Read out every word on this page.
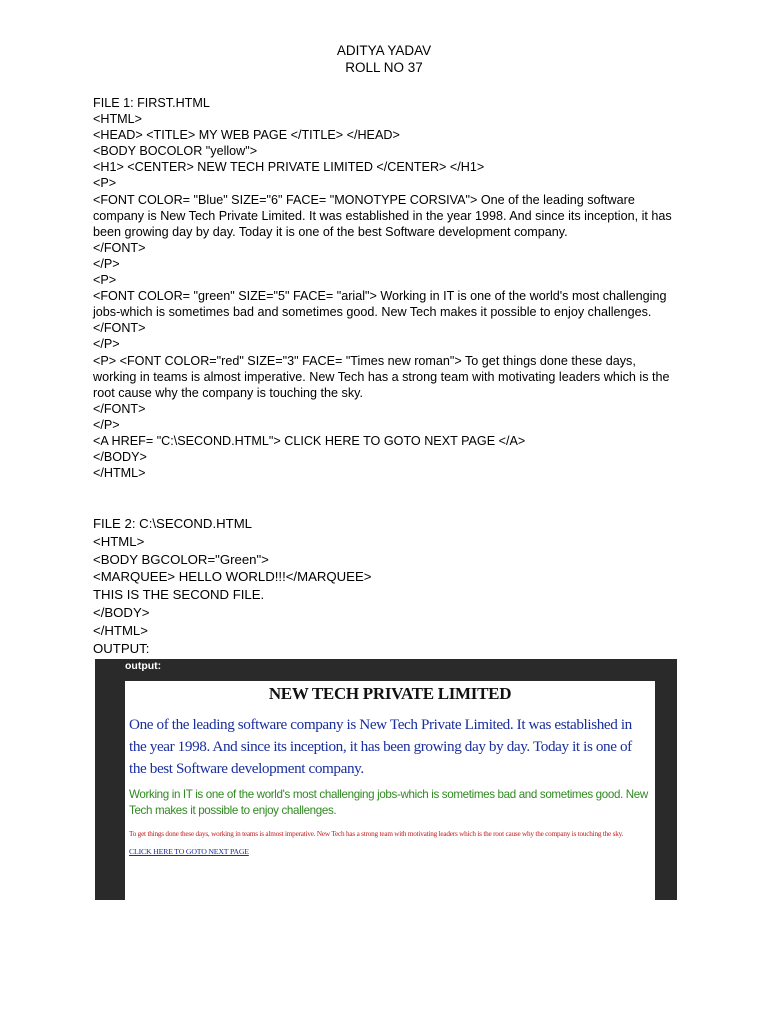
ADITYA YADAV
ROLL NO 37
FILE 1: FIRST.HTML
<HTML>
<HEAD> <TITLE> MY WEB PAGE </TITLE> </HEAD>
<BODY BOCOLOR "yellow">
<H1> <CENTER> NEW TECH PRIVATE LIMITED </CENTER> </H1>
<P>
<FONT COLOR= "Blue" SIZE="6" FACE= "MONOTYPE CORSIVA"> One of the leading software company is New Tech Private Limited. It was established in the year 1998. And since its inception, it has been growing day by day. Today it is one of the best Software development company.
</FONT>
</P>
<P>
<FONT COLOR= "green" SIZE="5" FACE= "arial"> Working in IT is one of the world's most challenging jobs-which is sometimes bad and sometimes good. New Tech makes it possible to enjoy challenges.
</FONT>
</P>
<P> <FONT COLOR="red" SIZE="3" FACE= "Times new roman"> To get things done these days, working in teams is almost imperative. New Tech has a strong team with motivating leaders which is the root cause why the company is touching the sky.
</FONT>
</P>
<A HREF= "C:\SECOND.HTML"> CLICK HERE TO GOTO NEXT PAGE </A>
</BODY>
</HTML>
FILE 2: C:\SECOND.HTML
<HTML>
<BODY BGCOLOR="Green">
<MARQUEE> HELLO WORLD!!!</MARQUEE>
THIS IS THE SECOND FILE.
</BODY>
</HTML>
OUTPUT:
output:
NEW TECH PRIVATE LIMITED
One of the leading software company is New Tech Private Limited. It was established in the year 1998. And since its inception, it has been growing day by day. Today it is one of the best Software development company.
Working in IT is one of the world's most challenging jobs-which is sometimes bad and sometimes good. New Tech makes it possible to enjoy challenges.
To get things done these days, working in teams is almost imperative. New Tech has a strong team with motivating leaders which is the root cause why the company is touching the sky.
CLICK HERE TO GOTO NEXT PAGE
